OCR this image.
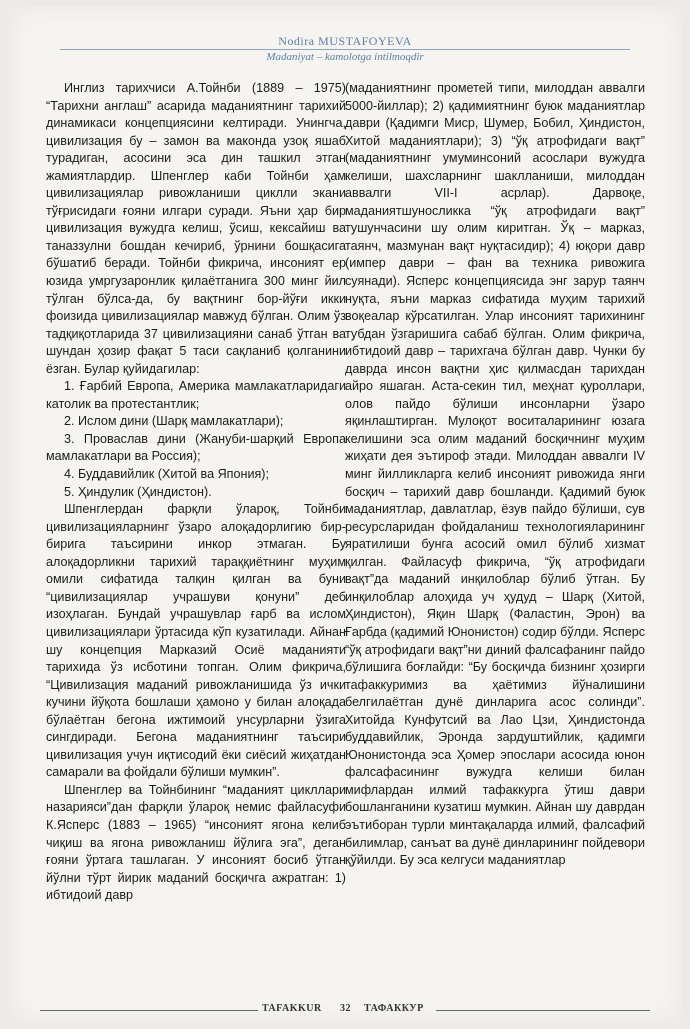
Nodira MUSTAFOYEVA
Madaniyat – kamolotga intilmoqdir

Инглиз тарихчиси А.Тойнби (1889 – 1975) “Тарихни англаш” асарида маданиятнинг тарихий динамикаси концепциясини келтиради. Унингча, цивилизация бу – замон ва маконда узоқ яшаб турадиган, асосини эса дин ташкил этган жамиятлардир. Шпенглер каби Тойнби ҳам цивилизациялар ривожланиши циклли экани тўғрисидаги ғояни илгари суради. Яъни ҳар бир цивилизация вужудга келиш, ўсиш, кексайиш ва таназзулни бошдан кечириб, ўрнини бошқасига бўшатиб беради. Тойнби фикрича, инсоният ер юзида умргузаронлик қилаётганига 300 минг йил тўлган бўлса-да, бу вақтнинг бор-йўғи икки фоизида цивилизациялар мавжуд бўлган. Олим ўз тадқиқотларида 37 цивилизацияни санаб ўтган ва шундан ҳозир фақат 5 таси сақланиб қолганини ёзган. Булар қуйидагилар:

1. Ғарбий Европа, Америка мамлакатларидаги католик ва протестантлик;

2. Ислом дини (Шарқ мамлакатлари);

3. Провaслав дини (Жануби-шарқий Европа мамлакатлари ва Россия);

4. Буддавийлик (Хитой ва Япония);

5. Ҳиндулик (Ҳиндистон).

Шпенглердан фарқли ўлароқ, Тойнби цивилизацияларнинг ўзаро алоқадорлигию бир-бирига таъсирини инкор этмаган. Бу алоқадорликни тарихий тараққиётнинг муҳим омили сифатида талқин қилган ва буни “цивилизациялар учрашуви қонуни” деб изоҳлаган. Бундай учрашувлар ғарб ва ислом цивилизациялари ўртасида кўп кузатилади. Айнан шу концепция Марказий Осиё маданияти тарихида ўз исботини топган. Олим фикрича, “Цивилизация маданий ривожланишида ўз ички кучини йўқота бошлаши ҳамоно у билан алоқада бўлаётган бегона ижтимоий унсурларни ўзига сингдиради. Бегона маданиятнинг таъсири цивилизация учун иқтисодий ёки сиёсий жиҳатдан самарали ва фойдали бўлиши мумкин”.

Шпенглер ва Тойнбининг “маданият цикллари назарияси”дан фарқли ўлароқ немис файласуфи К.Ясперс (1883 – 1965) “инсоният ягона келиб чиқиш ва ягона ривожланиш йўлига эга”, деган ғояни ўртага ташлаган. У инсоният босиб ўтган йўлни тўрт йирик маданий босқичга ажратган: 1) ибтидоий давр

(маданиятнинг прометей типи, милоддан аввалги 5000-йиллар); 2) қадимиятнинг буюк маданиятлар даври (Қадимги Миср, Шумер, Бобил, Ҳиндистон, Хитой маданиятлари); 3) “ўқ атрофидаги вақт” (маданиятнинг умуминсоний асослари вужудга келиши, шахсларнинг шаклланиши, милоддан аввалги VII-I асрлар). Дарвоқе, маданиятшуносликка “ўқ атрофидаги вақт” тушунчасини шу олим киритган. Ўқ – марказ, таянч, мазмунан вақт нуқтасидир); 4) юқори давр (импер даври – фан ва техника ривожига суянади). Ясперс концепциясида энг зарур таянч нуқта, яъни марказ сифатида муҳим тарихий воқеалар кўрсатилган. Улар инсоният тарихининг тубдан ўзгаришига сабаб бўлган. Олим фикрича, ибтидоий давр – тарихгача бўлган давр. Чунки бу даврда инсон вақтни ҳис қилмасдан тарихдан айро яшаган. Аста-секин тил, меҳнат қуроллари, олов пайдо бўлиши инсонларни ўзаро яқинлаштирган. Мулоқот воситаларининг юзага келишини эса олим маданий босқичнинг муҳим жиҳати дея эътироф этади. Милоддан аввалги IV минг йилликларга келиб инсоният ривожида янги босқич – тарихий давр бошланди. Қадимий буюк маданиятлар, давлатлар, ёзув пайдо бўлиши, сув ресурсларидан фойдаланиш технологияларининг яратилиши бунга асосий омил бўлиб хизмат қилган. Файласуф фикрича, “ўқ атрофидаги вақт”да маданий инқилоблар бўлиб ўтган. Бу инқилоблар алоҳида уч ҳудуд – Шарқ (Хитой, Ҳиндистон), Яқин Шарқ (Фаластин, Эрон) ва Ғарбда (қадимий Юнонистон) содир бўлди. Ясперс “ўқ атрофидаги вақт”ни диний фалсафанинг пайдо бўлишига боғлайди: “Бу босқичда бизнинг ҳозирги тафаккуримиз ва ҳаётимиз йўналишини белгилаётган дунё динларига асос солинди”. Хитойда Кунфутсий ва Лао Цзи, Ҳиндистонда буддавийлик, Эронда зардуштийлик, қадимги Юнонистонда эса Ҳомер эпослари асосида юнон фалсафасининг вужудга келиши билан мифлардан илмий тафаккурга ўтиш даври бошланганини кузатиш мумкин. Айнан шу даврдан эътиборан турли минтақаларда илмий, фалсафий билимлар, санъат ва дунё динларининг пойдевори қўйилди. Бу эса келгуси маданиятлар

TAFAKKUR 32 ТАФАККУР
